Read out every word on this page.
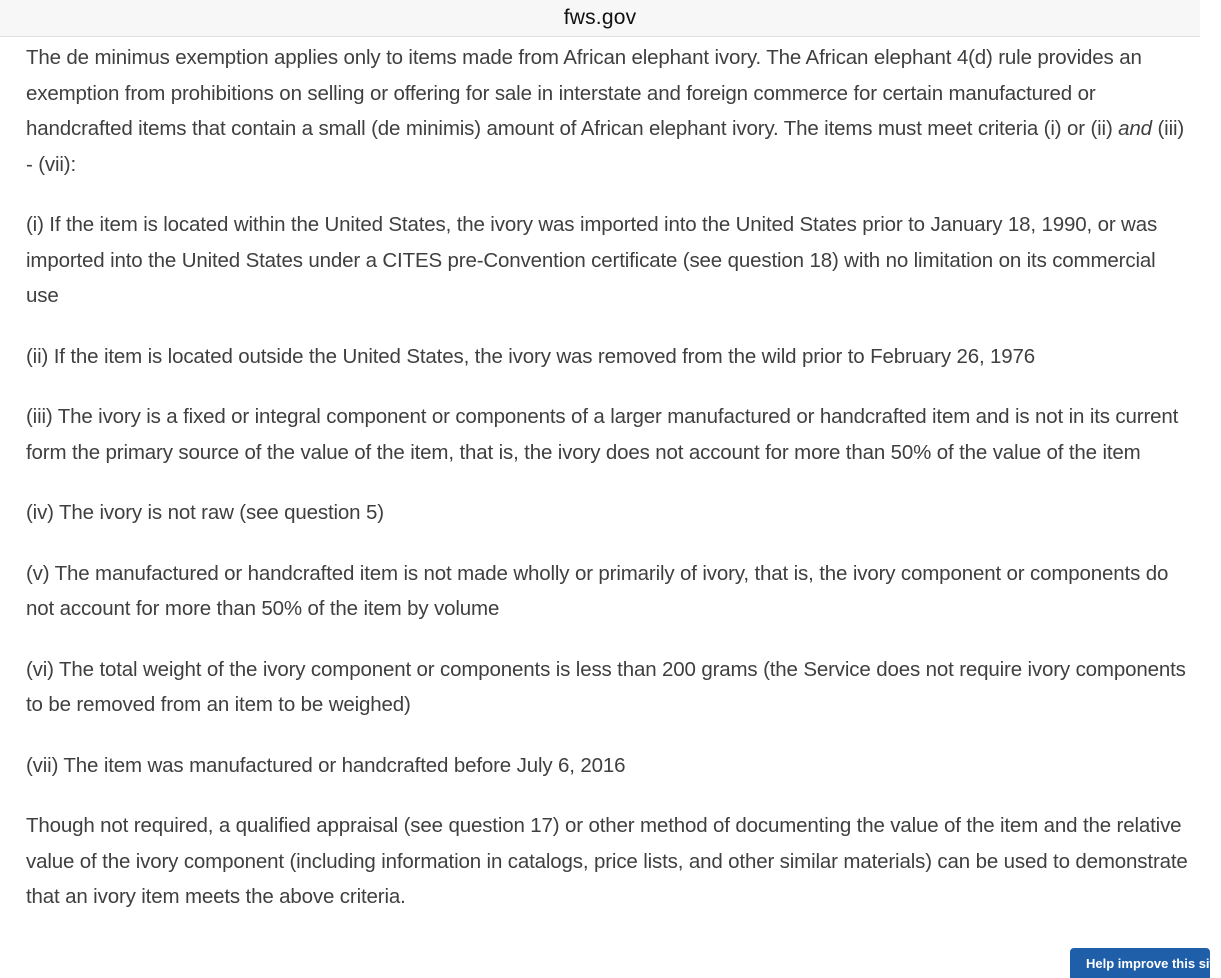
fws.gov

The de minimus exemption applies only to items made from African elephant ivory. The African elephant 4(d) rule provides an exemption from prohibitions on selling or offering for sale in interstate and foreign commerce for certain manufactured or handcrafted items that contain a small (de minimis) amount of African elephant ivory. The items must meet criteria (i) or (ii) and (iii) - (vii):

(i) If the item is located within the United States, the ivory was imported into the United States prior to January 18, 1990, or was imported into the United States under a CITES pre-Convention certificate (see question 18) with no limitation on its commercial use

(ii) If the item is located outside the United States, the ivory was removed from the wild prior to February 26, 1976

(iii) The ivory is a fixed or integral component or components of a larger manufactured or handcrafted item and is not in its current form the primary source of the value of the item, that is, the ivory does not account for more than 50% of the value of the item

(iv) The ivory is not raw (see question 5)

(v) The manufactured or handcrafted item is not made wholly or primarily of ivory, that is, the ivory component or components do not account for more than 50% of the item by volume

(vi) The total weight of the ivory component or components is less than 200 grams (the Service does not require ivory components to be removed from an item to be weighed)

(vii) The item was manufactured or handcrafted before July 6, 2016

Though not required, a qualified appraisal (see question 17) or other method of documenting the value of the item and the relative value of the ivory component (including information in catalogs, price lists, and other similar materials) can be used to demonstrate that an ivory item meets the above criteria.

Help improve this site
